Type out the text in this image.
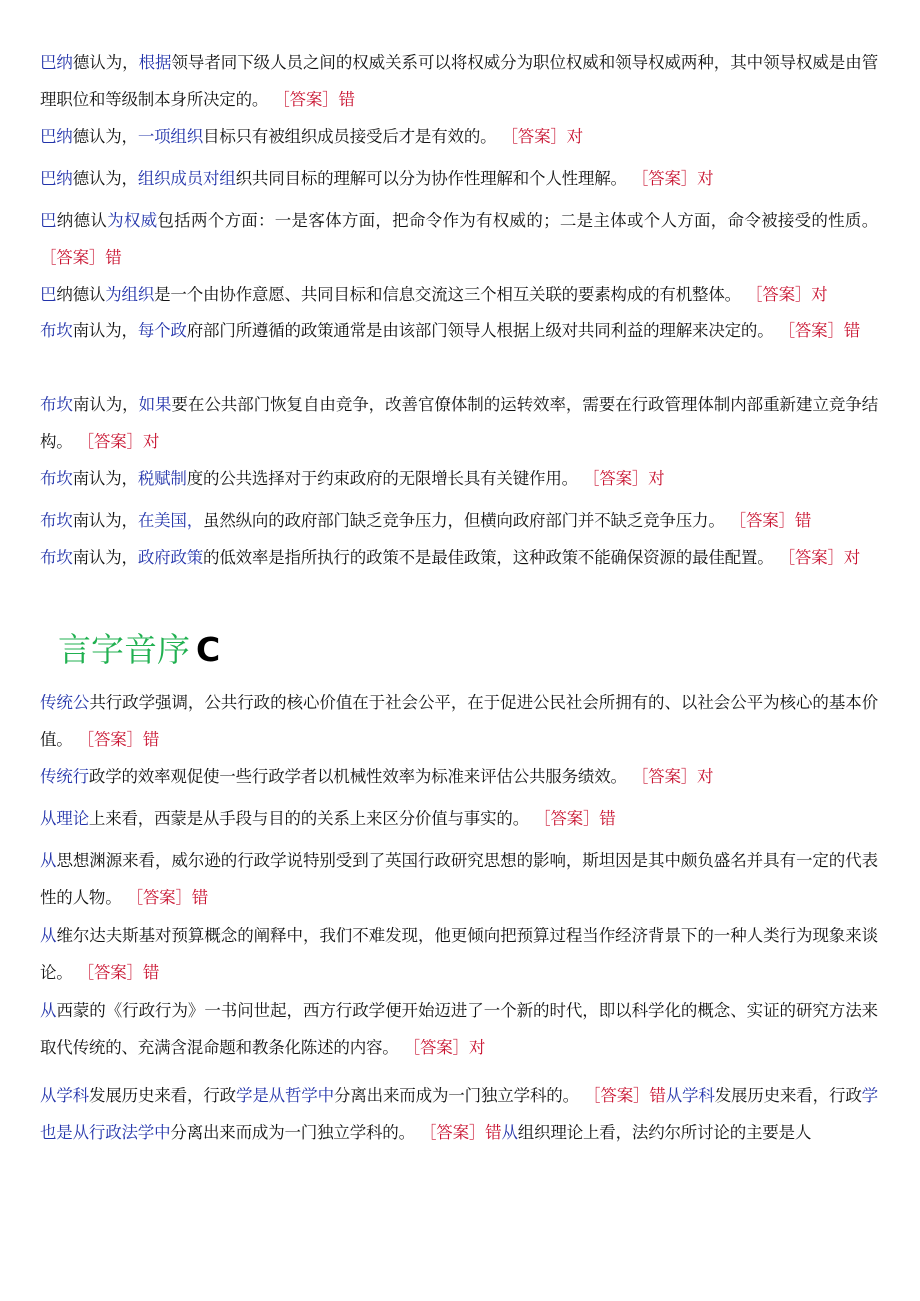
巴纳德认为，根据领导者同下级人员之间的权威关系可以将权威分为职位权威和领导权威两种，其中领导权威是由管理职位和等级制本身所决定的。 ［答案］错
巴纳德认为，一项组织目标只有被组织成员接受后才是有效的。 ［答案］对
巴纳德认为，组织成员对组织共同目标的理解可以分为协作性理解和个人性理解。 ［答案］对
巴纳德认为权威包括两个方面：一是客体方面，把命令作为有权威的；二是主体或个人方面，命令被接受的性质。 ［答案］错
巴纳德认为组织是一个由协作意愿、共同目标和信息交流这三个相互关联的要素构成的有机整体。 ［答案］对
布坎南认为，每个政府部门所遵循的政策通常是由该部门领导人根据上级对共同利益的理解来决定的。 ［答案］错
布坎南认为，如果要在公共部门恢复自由竞争，改善官僚体制的运转效率，需要在行政管理体制内部重新建立竞争结构。 ［答案］对
布坎南认为，税赋制度的公共选择对于约束政府的无限增长具有关键作用。 ［答案］对
布坎南认为，在美国，虽然纵向的政府部门缺乏竞争压力，但横向政府部门并不缺乏竞争压力。 ［答案］错
布坎南认为，政府政策的低效率是指所执行的政策不是最佳政策，这种政策不能确保资源的最佳配置。 ［答案］对
言字音序 C
传统公共行政学强调，公共行政的核心价值在于社会公平，在于促进公民社会所拥有的、以社会公平为核心的基本价值。 ［答案］错
传统行政学的效率观促使一些行政学者以机械性效率为标准来评估公共服务绩效。 ［答案］对
从理论上来看，西蒙是从手段与目的的关系上来区分价值与事实的。 ［答案］错
从思想渊源来看，威尔逊的行政学说特别受到了英国行政研究思想的影响，斯坦因是其中颇负盛名并具有一定的代表性的人物。 ［答案］错
从维尔达夫斯基对预算概念的阐释中，我们不难发现，他更倾向把预算过程当作经济背景下的一种人类行为现象来谈论。 ［答案］错
从西蒙的《行政行为》一书问世起，西方行政学便开始迈进了一个新的时代，即以科学化的概念、实证的研究方法来取代传统的、充满含混命题和教条化陈述的内容。 ［答案］对
从学科发展历史来看，行政学是从哲学中分离出来而成为一门独立学科的。 ［答案］错从学科发展历史来看，行政学也是从行政法学中分离出来而成为一门独立学科的。 ［答案］错从组织理论上看，法约尔所讨论的主要是人
